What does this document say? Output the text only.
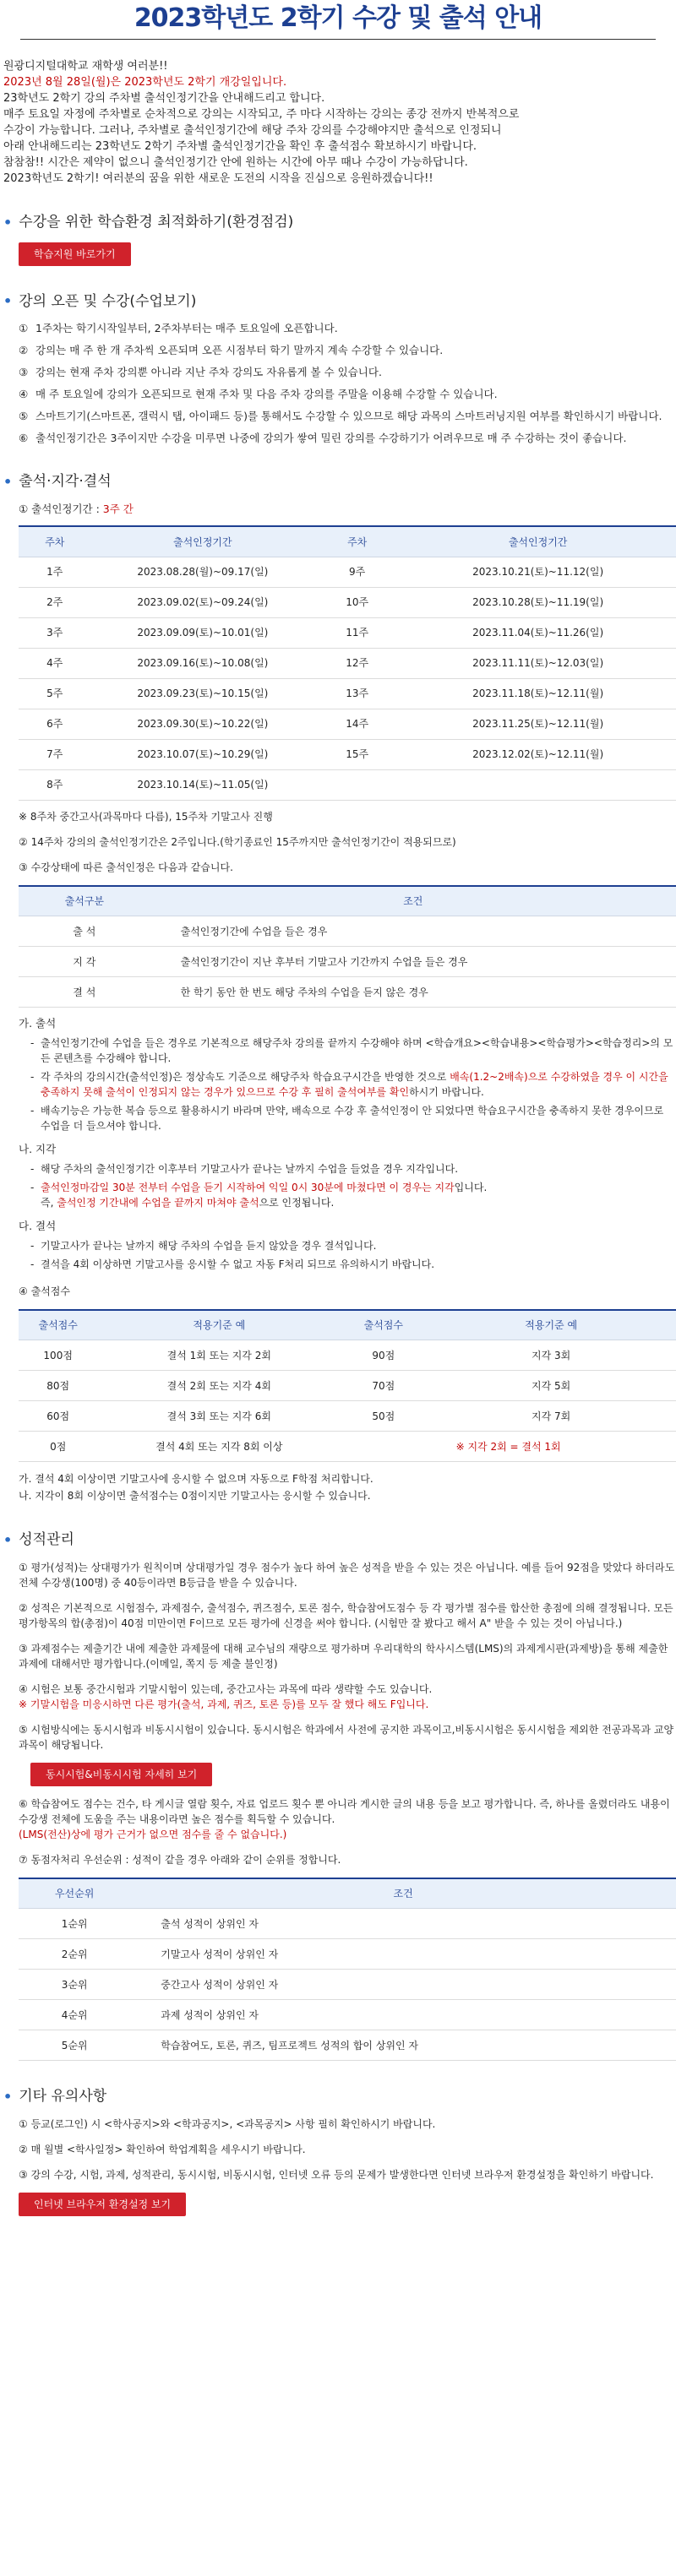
2023학년도 2학기 수강 및 출석 안내
원광디지털대학교 재학생 여러분!!
2023년 8월 28일(월)은 2023학년도 2학기 개강일입니다.
23학년도 2학기 강의 주차별 출석인정기간을 안내해드리고 합니다.
매주 토요일 자정에 주차별로 순차적으로 강의는 시작되고, 주 마다 시작하는 강의는 종강 전까지 반복적으로
수강이 가능합니다. 그러나, 주차별로 출석인정기간에 해당 주차 강의를 수강해야지만 출석으로 인정되니
아래 안내해드리는 23학년도 2학기 주차별 출석인정기간을 확인 후 출석점수 확보하시기 바랍니다.
참참참!! 시간은 제약이 없으니 출석인정기간 안에 원하는 시간에 아무 때나 수강이 가능하답니다.
2023학년도 2학기! 여러분의 꿈을 위한 새로운 도전의 시작을 진심으로 응원하겠습니다!!
• 수강을 위한 학습환경 최적화하기(환경점검)
학습지원 바로가기
• 강의 오픈 및 수강(수업보기)
① 1주차는 학기시작일부터, 2주차부터는 매주 토요일에 오픈합니다.
② 강의는 매 주 한 개 주차씩 오픈되며 오픈 시점부터 학기 말까지 계속 수강할 수 있습니다.
③ 강의는 현재 주차 강의뿐 아니라 지난 주차 강의도 자유롭게 볼 수 있습니다.
④ 매 주 토요일에 강의가 오픈되므로 현재 주차 및 다음 주차 강의를 주말을 이용해 수강할 수 있습니다.
⑤ 스마트기기(스마트폰, 갤럭시 탭, 아이패드 등)를 통해서도 수강할 수 있으므로 해당 과목의 스마트러닝지원 여부를 확인하시기 바랍니다.
⑥ 출석인정기간은 3주이지만 수강을 미루면 나중에 강의가 쌓여 밀린 강의를 수강하기가 어려우므로 매 주 수강하는 것이 좋습니다.
• 출석·지각·결석
① 출석인정기간 : 3주 간
주차	출석인정기간	주차	출석인정기간
1주	2023.08.28(월)~09.17(일)	9주	2023.10.21(토)~11.12(일)
2주	2023.09.02(토)~09.24(일)	10주	2023.10.28(토)~11.19(일)
3주	2023.09.09(토)~10.01(일)	11주	2023.11.04(토)~11.26(일)
4주	2023.09.16(토)~10.08(일)	12주	2023.11.11(토)~12.03(일)
5주	2023.09.23(토)~10.15(일)	13주	2023.11.18(토)~12.11(월)
6주	2023.09.30(토)~10.22(일)	14주	2023.11.25(토)~12.11(월)
7주	2023.10.07(토)~10.29(일)	15주	2023.12.02(토)~12.11(월)
8주	2023.10.14(토)~11.05(일)		
※ 8주차 중간고사(과목마다 다름), 15주차 기말고사 진행
② 14주차 강의의 출석인정기간은 2주입니다.(학기종료인 15주까지만 출석인정기간이 적용되므로)
③ 수강상태에 따른 출석인정은 다음과 같습니다.
출석구분	조건
출 석	출석인정기간에 수업을 들은 경우
지 각	출석인정기간이 지난 후부터 기말고사 기간까지 수업을 들은 경우
결 석	한 학기 동안 한 번도 해당 주차의 수업을 듣지 않은 경우
가. 출석
- 출석인정기간에 수업을 들은 경우로 기본적으로 해당주차 강의를 끝까지 수강해야 하며 <학습개요><학습내용><학습평가><학습정리>의 모든 콘텐츠를 수강해야 합니다.
- 각 주차의 강의시간(출석인정)은 정상속도 기준으로 해당주차 학습요구시간을 반영한 것으로 배속(1.2~2배속)으로 수강하였을 경우 이 시간을 충족하지 못해 출석이 인정되지 않는 경우가 있으므로 수강 후 필히 출석여부를 확인하시기 바랍니다.
- 배속기능은 가능한 복습 등으로 활용하시기 바라며 만약, 배속으로 수강 후 출석인정이 안 되었다면 학습요구시간을 충족하지 못한 경우이므로 수업을 더 들으셔야 합니다.
나. 지각
- 해당 주차의 출석인정기간 이후부터 기말고사가 끝나는 날까지 수업을 들었을 경우 지각입니다.
- 출석인정마감일 30분 전부터 수업을 듣기 시작하여 익일 0시 30분에 마쳤다면 이 경우는 지각입니다.
즉, 출석인정 기간내에 수업을 끝까지 마쳐야 출석으로 인정됩니다.
다. 결석
- 기말고사가 끝나는 날까지 해당 주차의 수업을 듣지 않았을 경우 결석입니다.
- 결석을 4회 이상하면 기말고사를 응시할 수 없고 자동 F처리 되므로 유의하시기 바랍니다.
④ 출석점수
출석점수	적용기준 예	출석점수	적용기준 예
100점	결석 1회 또는 지각 2회	90점	지각 3회
80점	결석 2회 또는 지각 4회	70점	지각 5회
60점	결석 3회 또는 지각 6회	50점	지각 7회
0점	결석 4회 또는 지각 8회 이상	※ 지각 2회 = 결석 1회	
가. 결석 4회 이상이면 기말고사에 응시할 수 없으며 자동으로 F학점 처리합니다.
나. 지각이 8회 이상이면 출석점수는 0점이지만 기말고사는 응시할 수 있습니다.
• 성적관리
① 평가(성적)는 상대평가가 원칙이며 상대평가일 경우 점수가 높다 하여 높은 성적을 받을 수 있는 것은 아닙니다. 예를 들어 92점을 맞았다 하더라도 전체 수강생(100명) 중 40등이라면 B등급을 받을 수 있습니다.
② 성적은 기본적으로 시험점수, 과제점수, 출석점수, 퀴즈점수, 토론 점수, 학습참여도점수 등 각 평가별 점수를 합산한 총점에 의해 결정됩니다. 모든 평가항목의 합(총점)이 40점 미만이면 F이므로 모든 평가에 신경을 써야 합니다. (시험만 잘 봤다고 해서 A" 받을 수 있는 것이 아닙니다.)
③ 과제점수는 제출기간 내에 제출한 과제물에 대해 교수님의 재량으로 평가하며 우리대학의 학사시스템(LMS)의 과제게시판(과제방)을 통해 제출한 과제에 대해서만 평가합니다.(이메일, 쪽지 등 제출 불인정)
④ 시험은 보통 중간시험과 기말시험이 있는데, 중간고사는 과목에 따라 생략할 수도 있습니다.
※ 기말시험을 미응시하면 다른 평가(출석, 과제, 퀴즈, 토론 등)를 모두 잘 했다 해도 F입니다.
⑤ 시험방식에는 동시시험과 비동시시험이 있습니다. 동시시험은 학과에서 사전에 공지한 과목이고,비동시시험은 동시시험을 제외한 전공과목과 교양과목이 해당됩니다.
동시시험&비동시시험 자세히 보기
⑥ 학습참여도 점수는 건수, 타 게시글 열람 횟수, 자료 업로드 횟수 뿐 아니라 게시한 글의 내용 등을 보고 평가합니다. 즉, 하나를 올렸더라도 내용이 수강생 전체에 도움을 주는 내용이라면 높은 점수를 획득할 수 있습니다.
(LMS(전산)상에 평가 근거가 없으면 점수를 줄 수 없습니다.)
⑦ 동점자처리 우선순위 : 성적이 같을 경우 아래와 같이 순위를 정합니다.
우선순위	조건
1순위	출석 성적이 상위인 자
2순위	기말고사 성적이 상위인 자
3순위	중간고사 성적이 상위인 자
4순위	과제 성적이 상위인 자
5순위	학습참여도, 토론, 퀴즈, 팀프로젝트 성적의 합이 상위인 자
• 기타 유의사항
① 등교(로그인) 시 <학사공지>와 <학과공지>, <과목공지> 사항 필히 확인하시기 바랍니다.
② 매 월별 <학사일정> 확인하여 학업계획을 세우시기 바랍니다.
③ 강의 수강, 시험, 과제, 성적관리, 동시시험, 비동시시험, 인터넷 오류 등의 문제가 발생한다면 인터넷 브라우저 환경설정을 확인하기 바랍니다.
인터넷 브라우저 환경설정 보기
